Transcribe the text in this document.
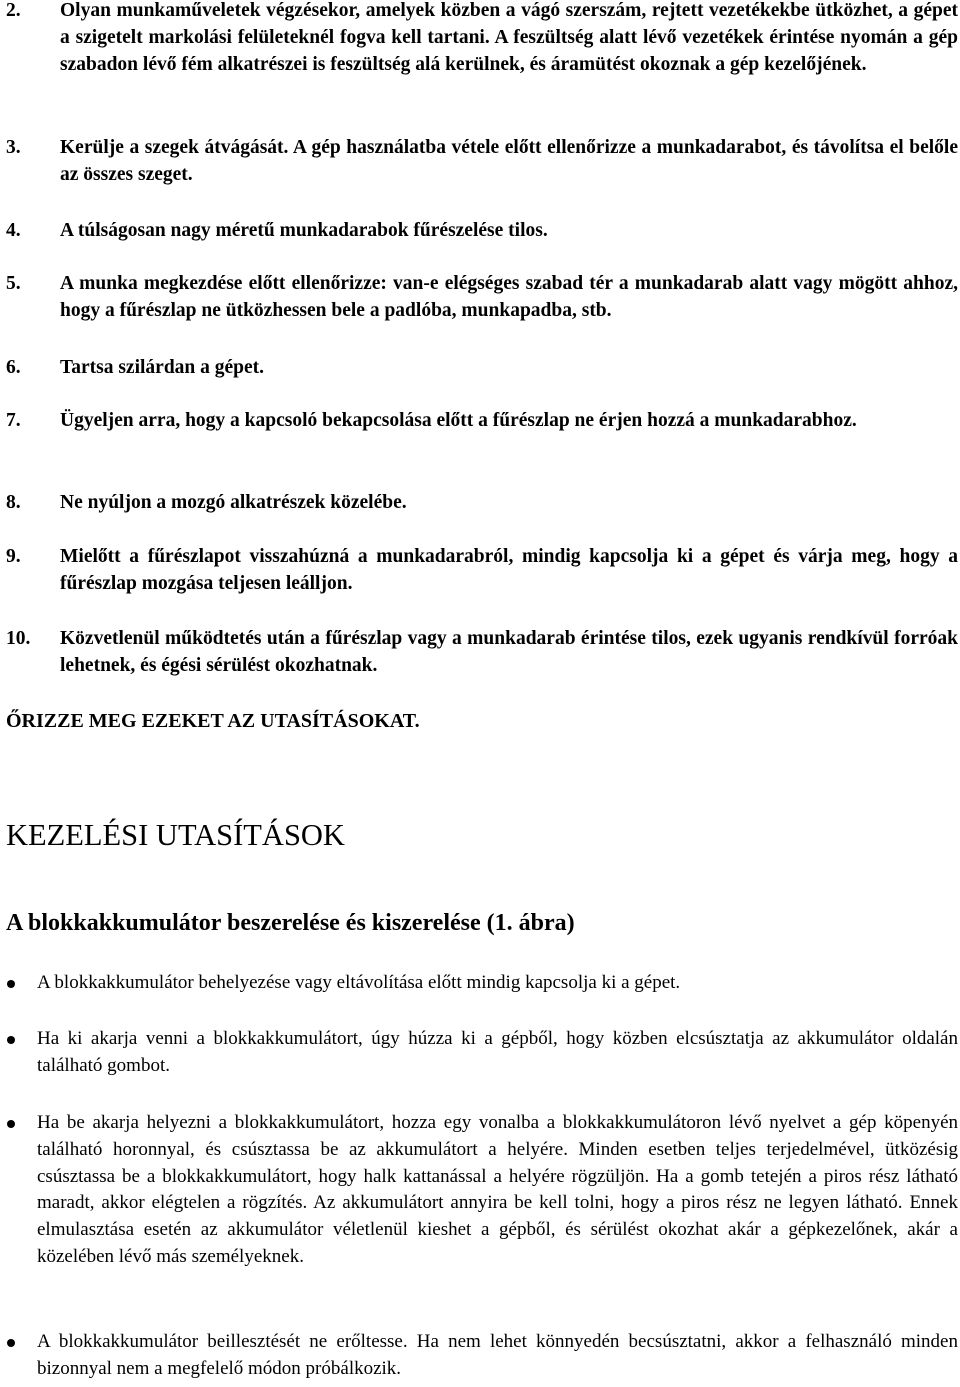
2. Olyan munkaműveletek végzésekor, amelyek közben a vágó szerszám, rejtett vezetékekbe ütközhet, a gépet a szigetelt markolási felületeknél fogva kell tartani. A feszültség alatt lévő vezetékek érintése nyomán a gép szabadon lévő fém alkatrészei is feszültség alá kerülnek, és áramütést okoznak a gép kezelőjének.
3. Kerülje a szegek átvágását. A gép használatba vétele előtt ellenőrizze a munkadarabot, és távolítsa el belőle az összes szeget.
4. A túlságosan nagy méretű munkadarabok fűrészelése tilos.
5. A munka megkezdése előtt ellenőrizze: van-e elégséges szabad tér a munkadarab alatt vagy mögött ahhoz, hogy a fűrészlap ne ütközhessen bele a padlóba, munkapadba, stb.
6. Tartsa szilárdan a gépet.
7. Ügyeljen arra, hogy a kapcsoló bekapcsolása előtt a fűrészlap ne érjen hozzá a munkadarabhoz.
8. Ne nyúljon a mozgó alkatrészek közelébe.
9. Mielőtt a fűrészlapot visszahúzná a munkadarabról, mindig kapcsolja ki a gépet és várja meg, hogy a fűrészlap mozgása teljesen leálljon.
10. Közvetlenül működtetés után a fűrészlap vagy a munkadarab érintése tilos, ezek ugyanis rendkívül forróak lehetnek, és égési sérülést okozhatnak.
ŐRIZZE MEG EZEKET AZ UTASÍTÁSOKAT.
KEZELÉSI UTASÍTÁSOK
A blokkakkumulátor beszerelése és kiszerelése (1. ábra)
A blokkakkumulátor behelyezése vagy eltávolítása előtt mindig kapcsolja ki a gépet.
Ha ki akarja venni a blokkakkumulátort, úgy húzza ki a gépből, hogy közben elcsúsztatja az akkumulátor oldalán található gombot.
Ha be akarja helyezni a blokkakkumulátort, hozza egy vonalba a blokkakkumulátoron lévő nyelvet a gép köpenyén található horonnyal, és csúsztassa be az akkumulátort a helyére. Minden esetben teljes terjedelmével, ütközésig csúsztassa be a blokkakkumulátort, hogy halk kattanással a helyére rögzüljön. Ha a gomb tetején a piros rész látható maradt, akkor elégtelen a rögzítés. Az akkumulátort annyira be kell tolni, hogy a piros rész ne legyen látható. Ennek elmulasztása esetén az akkumulátor véletlenül kieshet a gépből, és sérülést okozhat akár a gépkezelőnek, akár a közelében lévő más személyeknek.
A blokkakkumulátor beillesztését ne erőltesse. Ha nem lehet könnyedén becsúsztatni, akkor a felhasználó minden bizonnyal nem a megfelelő módon próbálkozik.
